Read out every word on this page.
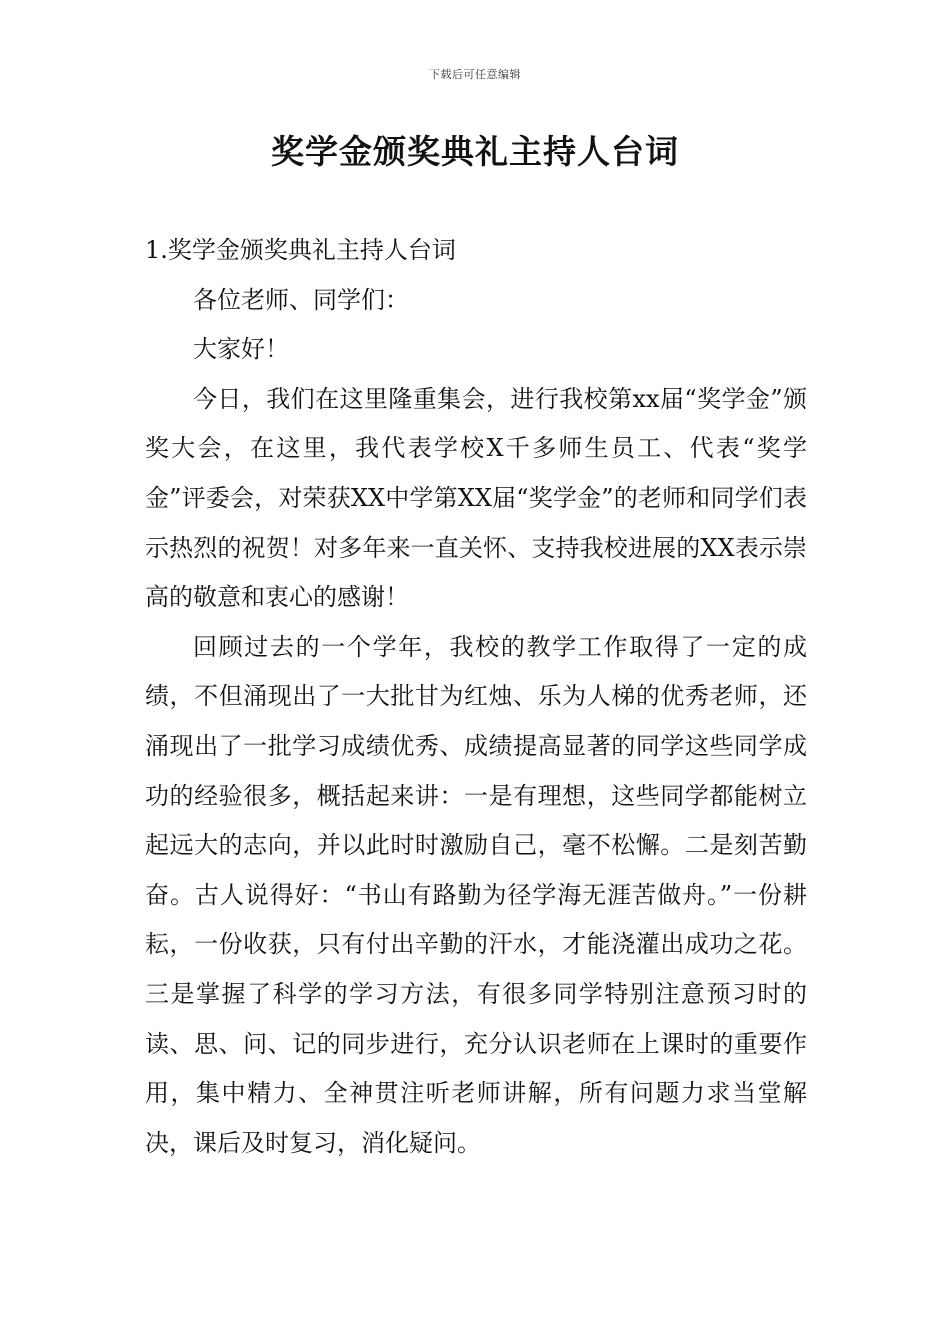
下载后可任意编辑
奖学金颁奖典礼主持人台词

1.奖学金颁奖典礼主持人台词

各位老师、同学们：

大家好！

今日，我们在这里隆重集会，进行我校第xx届“奖学金”颁奖大会，在这里，我代表学校X千多师生员工、代表“奖学金”评委会，对荣获XX中学第XX届“奖学金”的老师和同学们表示热烈的祝贺！对多年来一直关怀、支持我校进展的XX表示崇高的敬意和衷心的感谢！

回顾过去的一个学年，我校的教学工作取得了一定的成绩，不但涌现出了一大批甘为红烛、乐为人梯的优秀老师，还涌现出了一批学习成绩优秀、成绩提高显著的同学这些同学成功的经验很多，概括起来讲：一是有理想，这些同学都能树立起远大的志向，并以此时时激励自己，毫不松懈。二是刻苦勤奋。古人说得好：“书山有路勤为径学海无涯苦做舟。”一份耕耘，一份收获，只有付出辛勤的汗水，才能浇灌出成功之花。三是掌握了科学的学习方法，有很多同学特别注意预习时的读、思、问、记的同步进行，充分认识老师在上课时的重要作用，集中精力、全神贯注听老师讲解，所有问题力求当堂解决，课后及时复习，消化疑问。
